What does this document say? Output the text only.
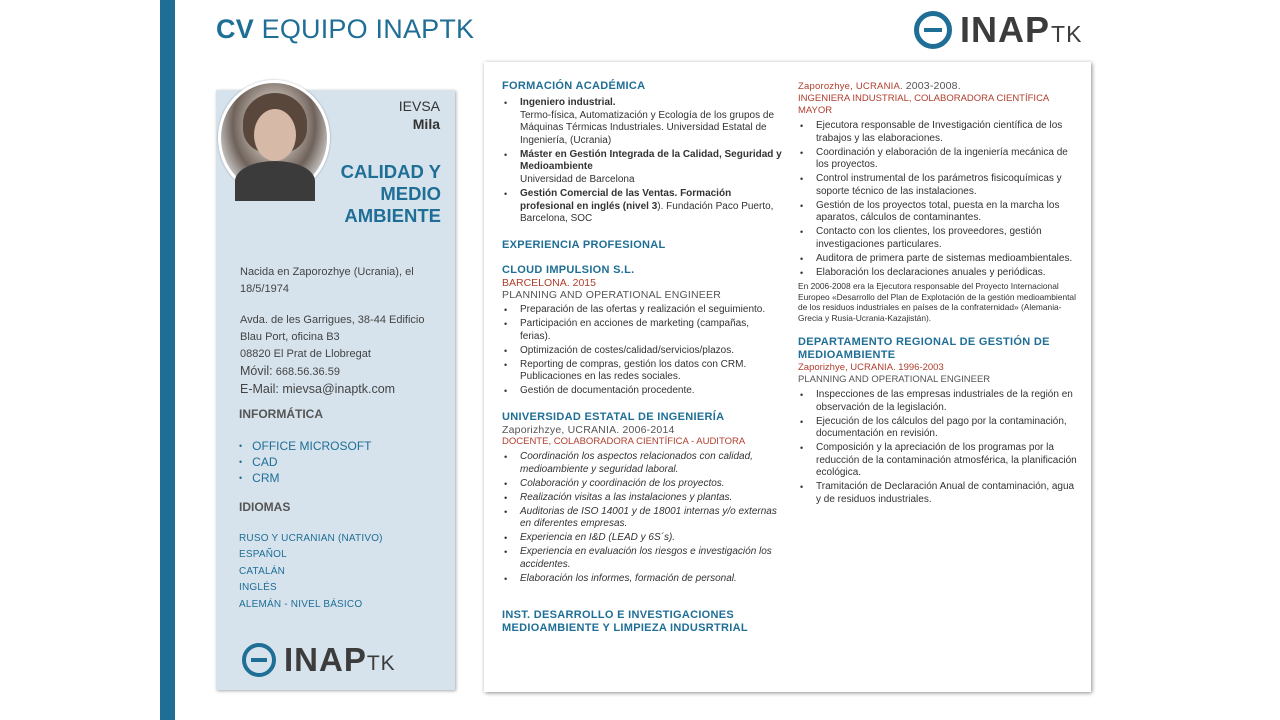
CV EQUIPO INAPTK	INAP TK
IEVSA
Mila
CALIDAD Y MEDIO AMBIENTE
Nacida en Zaporozhye (Ucrania), el 18/5/1974
Avda. de les Garrigues, 38-44 Edificio
Blau Port, oficina B3
08820 El Prat de Llobregat
Móvil: 668.56.36.59
E-Mail: mievsa@inaptk.com
INFORMÁTICA
• OFFICE MICROSOFT
• CAD
• CRM
IDIOMAS
RUSO Y UCRANIAN (NATIVO)
ESPAÑOL
CATALÁN
INGLÉS
ALEMÁN - NIVEL BÁSICO
INAP TK
FORMACIÓN ACADÉMICA
• Ingeniero industrial.
Termo-física, Automatización y Ecología de los grupos de Máquinas Térmicas Industriales. Universidad Estatal de Ingeniería, (Ucrania)
• Máster en Gestión Integrada de la Calidad, Seguridad y Medioambiente
Universidad de Barcelona
• Gestión Comercial de las Ventas. Formación profesional en inglés (nivel 3). Fundación Paco Puerto, Barcelona, SOC
EXPERIENCIA PROFESIONAL
CLOUD IMPULSION S.L.
BARCELONA. 2015
PLANNING AND OPERATIONAL ENGINEER
• Preparación de las ofertas y realización el seguimiento.
• Participación en acciones de marketing (campañas, ferias).
• Optimización de costes/calidad/servicios/plazos.
• Reporting de compras, gestión los datos con CRM. Publicaciones en las redes sociales.
• Gestión de documentación procedente.
UNIVERSIDAD ESTATAL DE INGENIERÍA
Zaporizhzye, UCRANIA. 2006-2014
DOCENTE, COLABORADORA CIENTÍFICA - AUDITORA
• Coordinación los aspectos relacionados con calidad, medioambiente y seguridad laboral.
• Colaboración y coordinación de los proyectos.
• Realización visitas a las instalaciones y plantas.
• Auditorias de ISO 14001 y de 18001 internas y/o externas en diferentes empresas.
• Experiencia en I&D (LEAD y 6S´s).
• Experiencia en evaluación los riesgos e investigación los accidentes.
• Elaboración los informes, formación de personal.
INST. DESARROLLO E INVESTIGACIONES MEDIOAMBIENTE Y LIMPIEZA INDUSRTRIAL
Zaporozhye, UCRANIA. 2003-2008.
INGENIERA INDUSTRIAL, COLABORADORA CIENTÍFICA MAYOR
• Ejecutora responsable de Investigación científica de los trabajos y las elaboraciones.
• Coordinación y elaboración de la ingeniería mecánica de los proyectos.
• Control instrumental de los parámetros fisicoquímicas y soporte técnico de las instalaciones.
• Gestión de los proyectos total, puesta en la marcha los aparatos, cálculos de contaminantes.
• Contacto con los clientes, los proveedores, gestión investigaciones particulares.
• Auditora de primera parte de sistemas medioambientales.
• Elaboración los declaraciones anuales y periódicas.
En 2006-2008 era la Ejecutora responsable del Proyecto Internacional Europeo «Desarrollo del Plan de Explotación de la gestión medioambiental de los residuos industriales en países de la confraternidad» (Alemania-Grecia y Rusia-Ucrania-Kazajistán).
DEPARTAMENTO REGIONAL DE GESTIÓN DE MEDIOAMBIENTE
Zaporizhye, UCRANIA. 1996-2003
PLANNING AND OPERATIONAL ENGINEER
• Inspecciones de las empresas industriales de la región en observación de la legislación.
• Ejecución de los cálculos del pago por la contaminación, documentación en revisión.
• Composición y la apreciación de los programas por la reducción de la contaminación atmosférica, la planificación ecológica.
• Tramitación de Declaración Anual de contaminación, agua y de residuos industriales.
